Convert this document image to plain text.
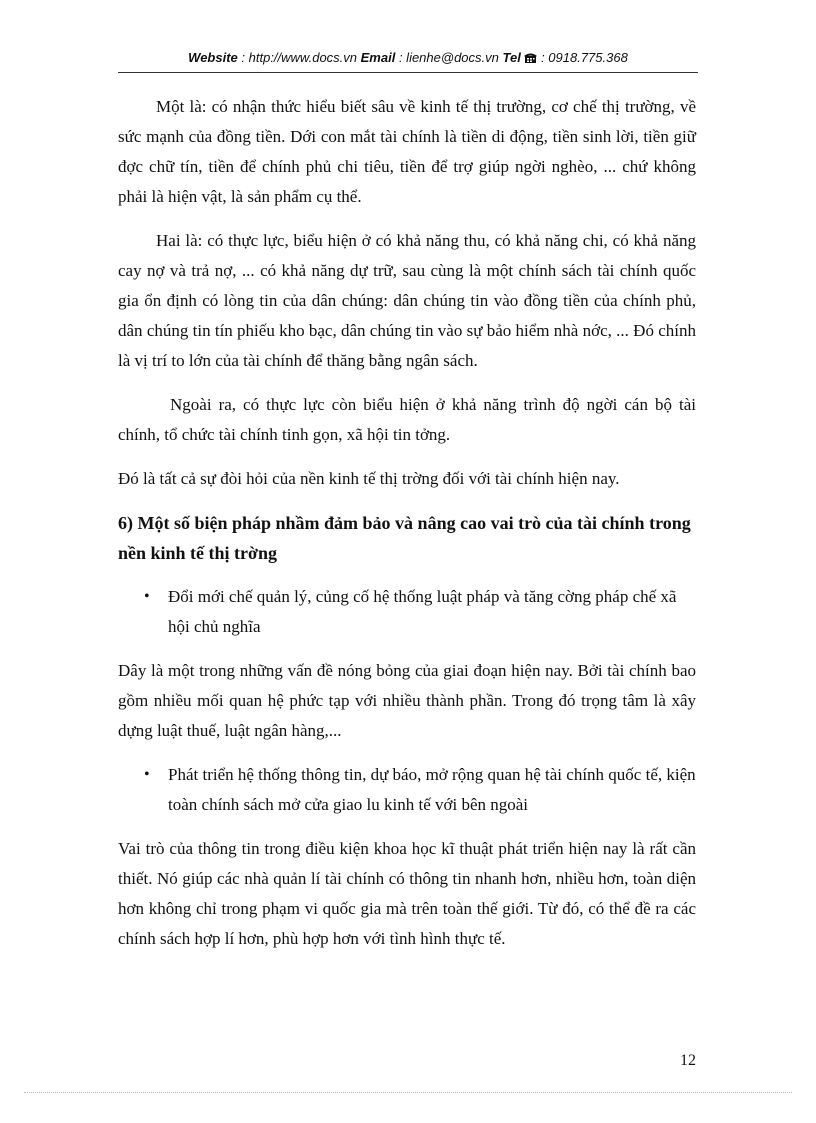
Website : http://www.docs.vn Email : lienhe@docs.vn Tel : 0918.775.368

Một là: có nhận thức hiểu biết sâu về kinh tế thị trường, cơ chế thị trường, về sức mạnh của đồng tiền. Dới con mắt tài chính là tiền di động, tiền sinh lời, tiền giữ đợc chữ tín, tiền để chính phủ chi tiêu, tiền để trợ giúp ngời nghèo, ... chứ không phải là hiện vật, là sản phẩm cụ thể.

Hai là: có thực lực, biểu hiện ở có khả năng thu, có khả năng chi, có khả năng cay nợ và trả nợ, ... có khả năng dự trữ, sau cùng là một chính sách tài chính quốc gia ổn định có lòng tin của dân chúng: dân chúng tin vào đồng tiền của chính phủ, dân chúng tin tín phiếu kho bạc, dân chúng tin vào sự bảo hiểm nhà nớc, ... Đó chính là vị trí to lớn của tài chính để thăng bằng ngân sách.

Ngoài ra, có thực lực còn biểu hiện ở khả năng trình độ ngời cán bộ tài chính, tổ chức tài chính tinh gọn, xã hội tin tởng.

Đó là tất cả sự đòi hỏi của nền kinh tế thị trờng đối với tài chính hiện nay.

6) Một số biện pháp nhầm đảm bảo và nâng cao vai trò của tài chính trong nền kinh tế thị trờng
• Đổi mới chế quản lý, củng cố hệ thống luật pháp và tăng cờng pháp chế xã hội chủ nghĩa

Dây là một trong những vấn đề nóng bỏng của giai đoạn hiện nay. Bởi tài chính bao gồm nhiều mối quan hệ phức tạp với nhiều thành phần. Trong đó trọng tâm là xây dựng luật thuế, luật ngân hàng,...

• Phát triển hệ thống thông tin, dự báo, mở rộng quan hệ tài chính quốc tế, kiện toàn chính sách mở cửa giao lu kinh tế với bên ngoài

Vai trò của thông tin trong điều kiện khoa học kĩ thuật phát triển hiện nay là rất cần thiết. Nó giúp các nhà quản lí tài chính có thông tin nhanh hơn, nhiều hơn, toàn diện hơn không chỉ trong phạm vi quốc gia mà trên toàn thế giới. Từ đó, có thể đề ra các chính sách hợp lí hơn, phù hợp hơn với tình hình thực tế.

12
